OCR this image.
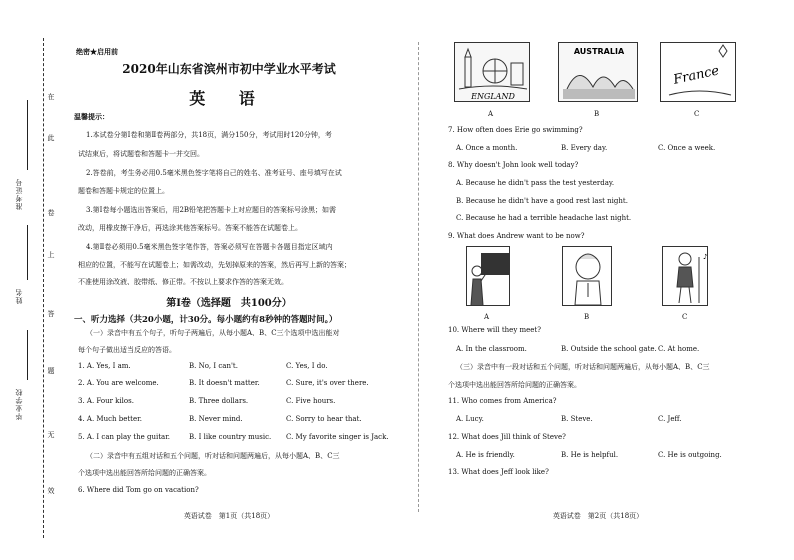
在
此
卷
上
答
题
无
效
准考证号
姓名
毕业学校
绝密★启用前
2020年山东省滨州市初中学业水平考试
英 语
温馨提示：
1.本试卷分第Ⅰ卷和第Ⅱ卷两部分，共18页，满分150分，考试用时120分钟，考
试结束后，将试题卷和答题卡一并交回。
2.答卷前，考生务必用0.5毫米黑色签字笔将自己的姓名、准考证号、座号填写在试
题卷和答题卡规定的位置上。
3.第Ⅰ卷每小题选出答案后，用2B铅笔把答题卡上对应题目的答案标号涂黑；如需
改动，用橡皮擦干净后，再选涂其他答案标号。答案不能答在试题卷上。
4.第Ⅱ卷必须用0.5毫米黑色签字笔作答，答案必须写在答题卡各题目指定区域内
相应的位置，不能写在试题卷上；如需改动，先划掉原来的答案，然后再写上新的答案；
不准使用涂改液、胶带纸、修正带。不按以上要求作答的答案无效。
第Ⅰ卷（选择题　共100分）
一、听力选择（共20小题，计30分。每小题约有8秒钟的答题时间。）
（一）录音中有五个句子，听句子两遍后，从每小题A、B、C三个选项中选出能对
每个句子做出适当反应的答语。
1. A. Yes, I am.	B. No, I can't.	C. Yes, I do.
2. A. You are welcome.	B. It doesn't matter.	C. Sure, it's over there.
3. A. Four kilos.	B. Three dollars.	C. Five hours.
4. A. Much better.	B. Never mind.	C. Sorry to hear that.
5. A. I can play the guitar.	B. I like country music. C. My favorite singer is Jack.
（二）录音中有五组对话和五个问题，听对话和问题两遍后，从每小题A、B、C三
个选项中选出能回答所给问题的正确答案。
6. Where did Tom go on vacation?
英语试卷　第1页（共18页）
ENGLAND
AUSTRALIA
France
A	B	C
7. How often does Erie go swimming?
A. Once a month.	B. Every day.	C. Once a week.
8. Why doesn't John look well today?
A. Because he didn't pass the test yesterday.
B. Because he didn't have a good rest last night.
C. Because he had a terrible headache last night.
9. What does Andrew want to be now?
♪
A	B	C
10. Where will they meet?
A. In the classroom.	B. Outside the school gate. C. At home.
（三）录音中有一段对话和五个问题，听对话和问题两遍后，从每小题A、B、C三
个选项中选出能回答所给问题的正确答案。
11. Who comes from America?
A. Lucy.	B. Steve.	C. Jeff.
12. What does Jill think of Steve?
A. He is friendly.	B. He is helpful.	C. He is outgoing.
13. What does Jeff look like?
英语试卷　第2页（共18页）
